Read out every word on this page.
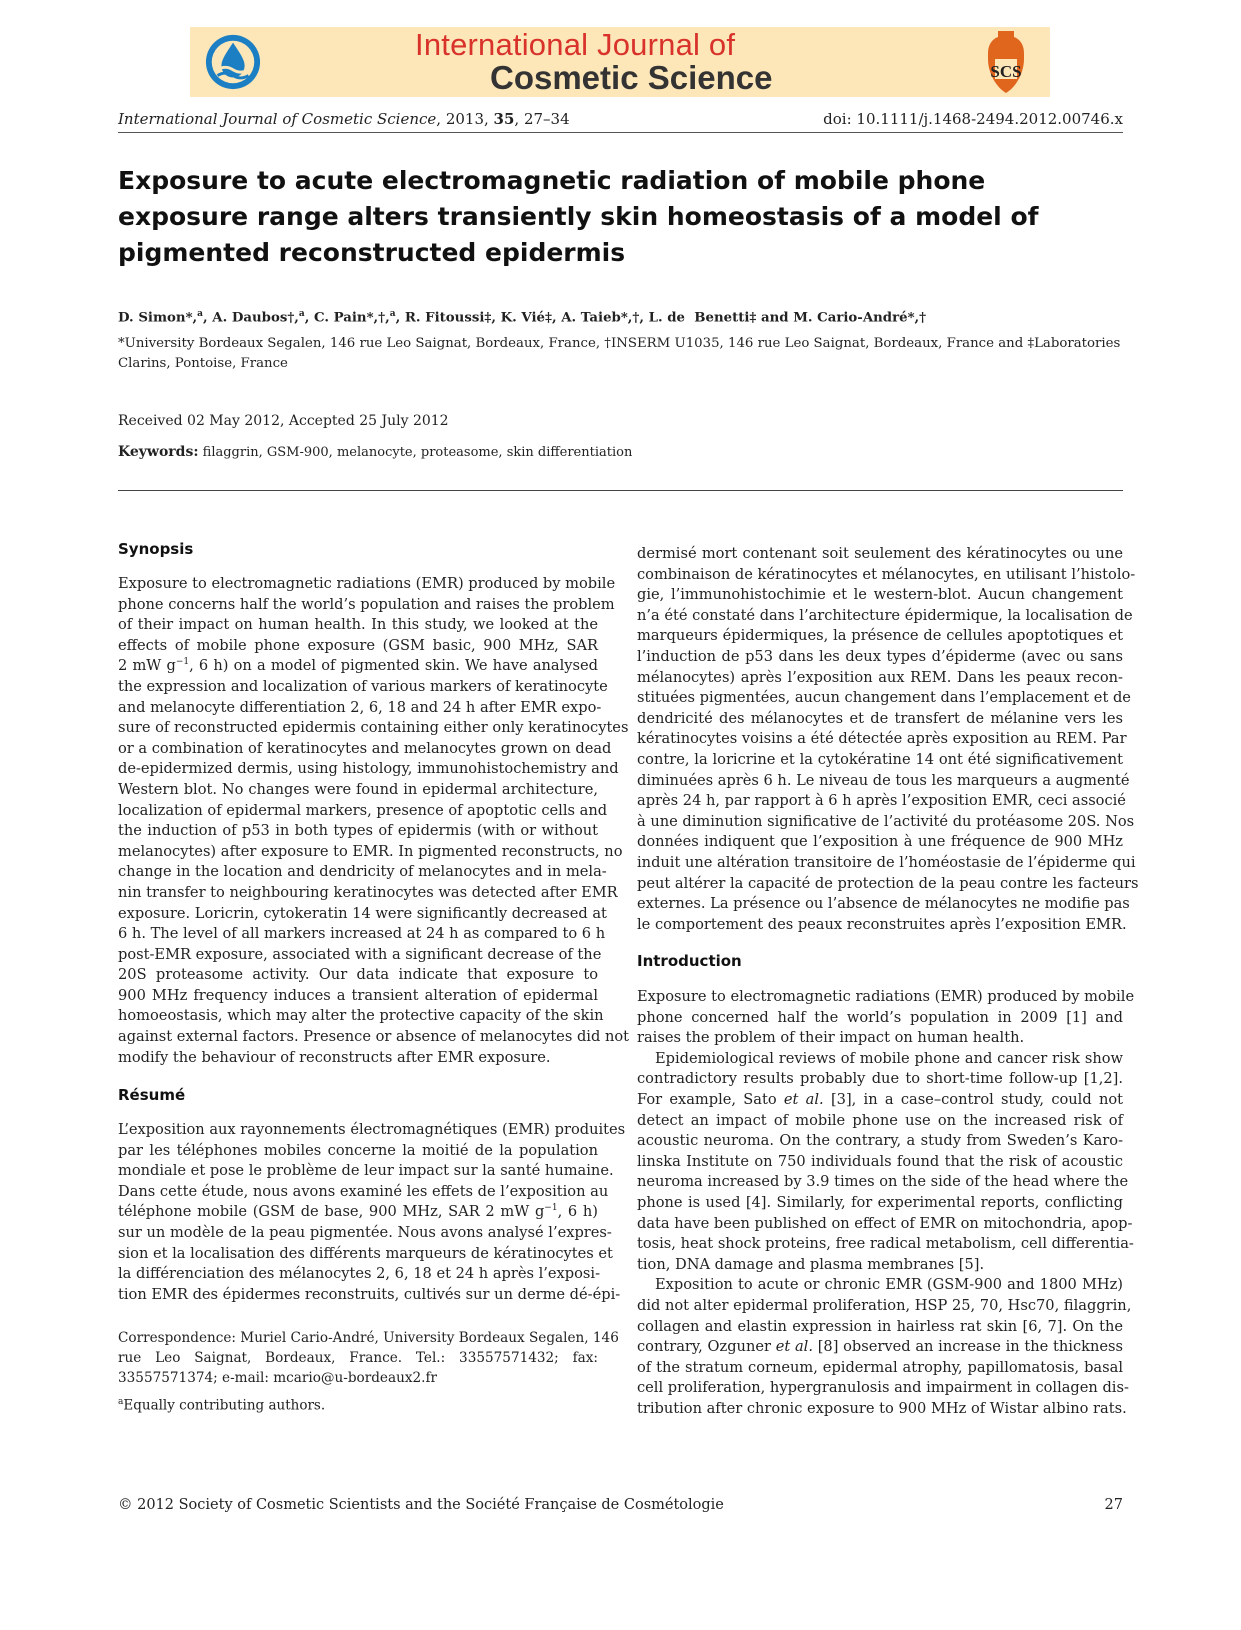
International Journal of
Cosmetic Science	SCS
International Journal of Cosmetic Science, 2013, 35, 27–34	doi: 10.1111/j.1468-2494.2012.00746.x
Exposure to acute electromagnetic radiation of mobile phone exposure range alters transiently skin homeostasis of a model of pigmented reconstructed epidermis
D. Simon*,$^a$, A. Daubos†,$^a$, C. Pain*,†,$^a$, R. Fitoussi‡, K. Vié‡, A. Taieb*,†, L. de  Benetti‡ and M. Cario-André*,†
*University Bordeaux Segalen, 146 rue Leo Saignat, Bordeaux, France, †INSERM U1035, 146 rue Leo Saignat, Bordeaux, France and ‡Laboratories Clarins, Pontoise, France
Received 02 May 2012, Accepted 25 July 2012
Keywords: filaggrin, GSM-900, melanocyte, proteasome, skin differentiation
Synopsis
Exposure to electromagnetic radiations (EMR) produced by mobile
phone concerns half the world’s population and raises the problem
of their impact on human health. In this study, we looked at the
effects of mobile phone exposure (GSM basic, 900 MHz, SAR
2 mW $g^{-1}$, 6 h) on a model of pigmented skin. We have analysed
the expression and localization of various markers of keratinocyte
and melanocyte differentiation 2, 6, 18 and 24 h after EMR expo-
sure of reconstructed epidermis containing either only keratinocytes
or a combination of keratinocytes and melanocytes grown on dead
de-epidermized dermis, using histology, immunohistochemistry and
Western blot. No changes were found in epidermal architecture,
localization of epidermal markers, presence of apoptotic cells and
the induction of p53 in both types of epidermis (with or without
melanocytes) after exposure to EMR. In pigmented reconstructs, no
change in the location and dendricity of melanocytes and in mela-
nin transfer to neighbouring keratinocytes was detected after EMR
exposure. Loricrin, cytokeratin 14 were significantly decreased at
6 h. The level of all markers increased at 24 h as compared to 6 h
post-EMR exposure, associated with a significant decrease of the
20S proteasome activity. Our data indicate that exposure to
900 MHz frequency induces a transient alteration of epidermal
homoeostasis, which may alter the protective capacity of the skin
against external factors. Presence or absence of melanocytes did not
modify the behaviour of reconstructs after EMR exposure.
Résumé
L’exposition aux rayonnements électromagnétiques (EMR) produites
par les téléphones mobiles concerne la moitié de la population
mondiale et pose le problème de leur impact sur la santé humaine.
Dans cette étude, nous avons examiné les effets de l’exposition au
téléphone mobile (GSM de base, 900 MHz, SAR 2 mW $g^{-1}$, 6 h)
sur un modèle de la peau pigmentée. Nous avons analysé l’expres-
sion et la localisation des différents marqueurs de kératinocytes et
la différenciation des mélanocytes 2, 6, 18 et 24 h après l’exposi-
tion EMR des épidermes reconstruits, cultivés sur un derme dé-épi-
Correspondence: Muriel Cario-André, University Bordeaux Segalen, 146
rue Leo Saignat, Bordeaux, France. Tel.: 33557571432; fax:
33557571374; e-mail: mcario@u-bordeaux2.fr
$^a$Equally contributing authors.
dermisé mort contenant soit seulement des kératinocytes ou une
combinaison de kératinocytes et mélanocytes, en utilisant l’histolo-
gie, l’immunohistochimie et le western-blot. Aucun changement
n’a été constaté dans l’architecture épidermique, la localisation de
marqueurs épidermiques, la présence de cellules apoptotiques et
l’induction de p53 dans les deux types d’épiderme (avec ou sans
mélanocytes) après l’exposition aux REM. Dans les peaux recon-
stituées pigmentées, aucun changement dans l’emplacement et de
dendricité des mélanocytes et de transfert de mélanine vers les
kératinocytes voisins a été détectée après exposition au REM. Par
contre, la loricrine et la cytokératine 14 ont été significativement
diminuées après 6 h. Le niveau de tous les marqueurs a augmenté
après 24 h, par rapport à 6 h après l’exposition EMR, ceci associé
à une diminution significative de l’activité du protéasome 20S. Nos
données indiquent que l’exposition à une fréquence de 900 MHz
induit une altération transitoire de l’homéostasie de l’épiderme qui
peut altérer la capacité de protection de la peau contre les facteurs
externes. La présence ou l’absence de mélanocytes ne modifie pas
le comportement des peaux reconstruites après l’exposition EMR.
Introduction
Exposure to electromagnetic radiations (EMR) produced by mobile
phone concerned half the world’s population in 2009 [1] and
raises the problem of their impact on human health.
Epidemiological reviews of mobile phone and cancer risk show
contradictory results probably due to short-time follow-up [1,2].
For example, Sato et al. [3], in a case–control study, could not
detect an impact of mobile phone use on the increased risk of
acoustic neuroma. On the contrary, a study from Sweden’s Karo-
linska Institute on 750 individuals found that the risk of acoustic
neuroma increased by 3.9 times on the side of the head where the
phone is used [4]. Similarly, for experimental reports, conflicting
data have been published on effect of EMR on mitochondria, apop-
tosis, heat shock proteins, free radical metabolism, cell differentia-
tion, DNA damage and plasma membranes [5].
Exposition to acute or chronic EMR (GSM-900 and 1800 MHz)
did not alter epidermal proliferation, HSP 25, 70, Hsc70, filaggrin,
collagen and elastin expression in hairless rat skin [6, 7]. On the
contrary, Ozguner et al. [8] observed an increase in the thickness
of the stratum corneum, epidermal atrophy, papillomatosis, basal
cell proliferation, hypergranulosis and impairment in collagen dis-
tribution after chronic exposure to 900 MHz of Wistar albino rats.
© 2012 Society of Cosmetic Scientists and the Société Française de Cosmétologie	27
